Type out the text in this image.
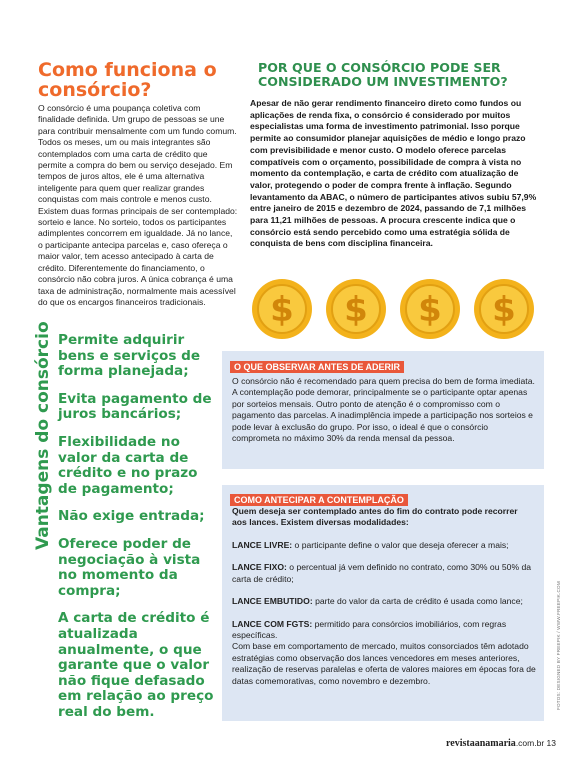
Como funciona o consórcio?

O consórcio é uma poupança coletiva com finalidade definida. Um grupo de pessoas se une para contribuir mensalmente com um fundo comum. Todos os meses, um ou mais integrantes são contemplados com uma carta de crédito que permite a compra do bem ou serviço desejado. Em tempos de juros altos, ele é uma alternativa inteligente para quem quer realizar grandes conquistas com mais controle e menos custo. Existem duas formas principais de ser contemplado: sorteio e lance. No sorteio, todos os participantes adimplentes concorrem em igualdade. Já no lance, o participante antecipa parcelas e, caso ofereça o maior valor, tem acesso antecipado à carta de crédito. Diferentemente do financiamento, o consórcio não cobra juros. A única cobrança é uma taxa de administração, normalmente mais acessível do que os encargos financeiros tradicionais.

POR QUE O CONSÓRCIO PODE SER CONSIDERADO UM INVESTIMENTO?

Apesar de não gerar rendimento financeiro direto como fundos ou aplicações de renda fixa, o consórcio é considerado por muitos especialistas uma forma de investimento patrimonial. Isso porque permite ao consumidor planejar aquisições de médio e longo prazo com previsibilidade e menor custo. O modelo oferece parcelas compatíveis com o orçamento, possibilidade de compra à vista no momento da contemplação, e carta de crédito com atualização de valor, protegendo o poder de compra frente à inflação. Segundo levantamento da ABAC, o número de participantes ativos subiu 57,9% entre janeiro de 2015 e dezembro de 2024, passando de 7,1 milhões para 11,21 milhões de pessoas. A procura crescente indica que o consórcio está sendo percebido como uma estratégia sólida de conquista de bens com disciplina financeira.

$ $ $ $
Vantagens do consórcio Permite adquirir bens e serviços de forma planejada;
Evita pagamento de juros bancários;
Flexibilidade no valor da carta de crédito e no prazo de pagamento;
Não exige entrada;
Oferece poder de negociação à vista no momento da compra;
A carta de crédito é atualizada anualmente, o que garante que o valor não fique defasado em relação ao preço real do bem.
O QUE OBSERVAR ANTES DE ADERIR

O consórcio não é recomendado para quem precisa do bem de forma imediata. A contemplação pode demorar, principalmente se o participante optar apenas por sorteios mensais. Outro ponto de atenção é o compromisso com o pagamento das parcelas. A inadimplência impede a participação nos sorteios e pode levar à exclusão do grupo. Por isso, o ideal é que o consórcio comprometa no máximo 30% da renda mensal da pessoa.

COMO ANTECIPAR A CONTEMPLAÇÃO

Quem deseja ser contemplado antes do fim do contrato pode recorrer aos lances. Existem diversas modalidades:

LANCE LIVRE: o participante define o valor que deseja oferecer a mais;

LANCE FIXO: o percentual já vem definido no contrato, como 30% ou 50% da carta de crédito;

LANCE EMBUTIDO: parte do valor da carta de crédito é usada como lance;

LANCE COM FGTS: permitido para consórcios imobiliários, com regras específicas.

Com base em comportamento de mercado, muitos consorciados têm adotado estratégias como observação dos lances vencedores em meses anteriores, realização de reservas paralelas e oferta de valores maiores em épocas fora de datas comemorativas, como novembro e dezembro.	FOTOS: DESIGNED BY FREEPIK / WWW.FREEPIK.COM
revistaanamaria.com.br 13
